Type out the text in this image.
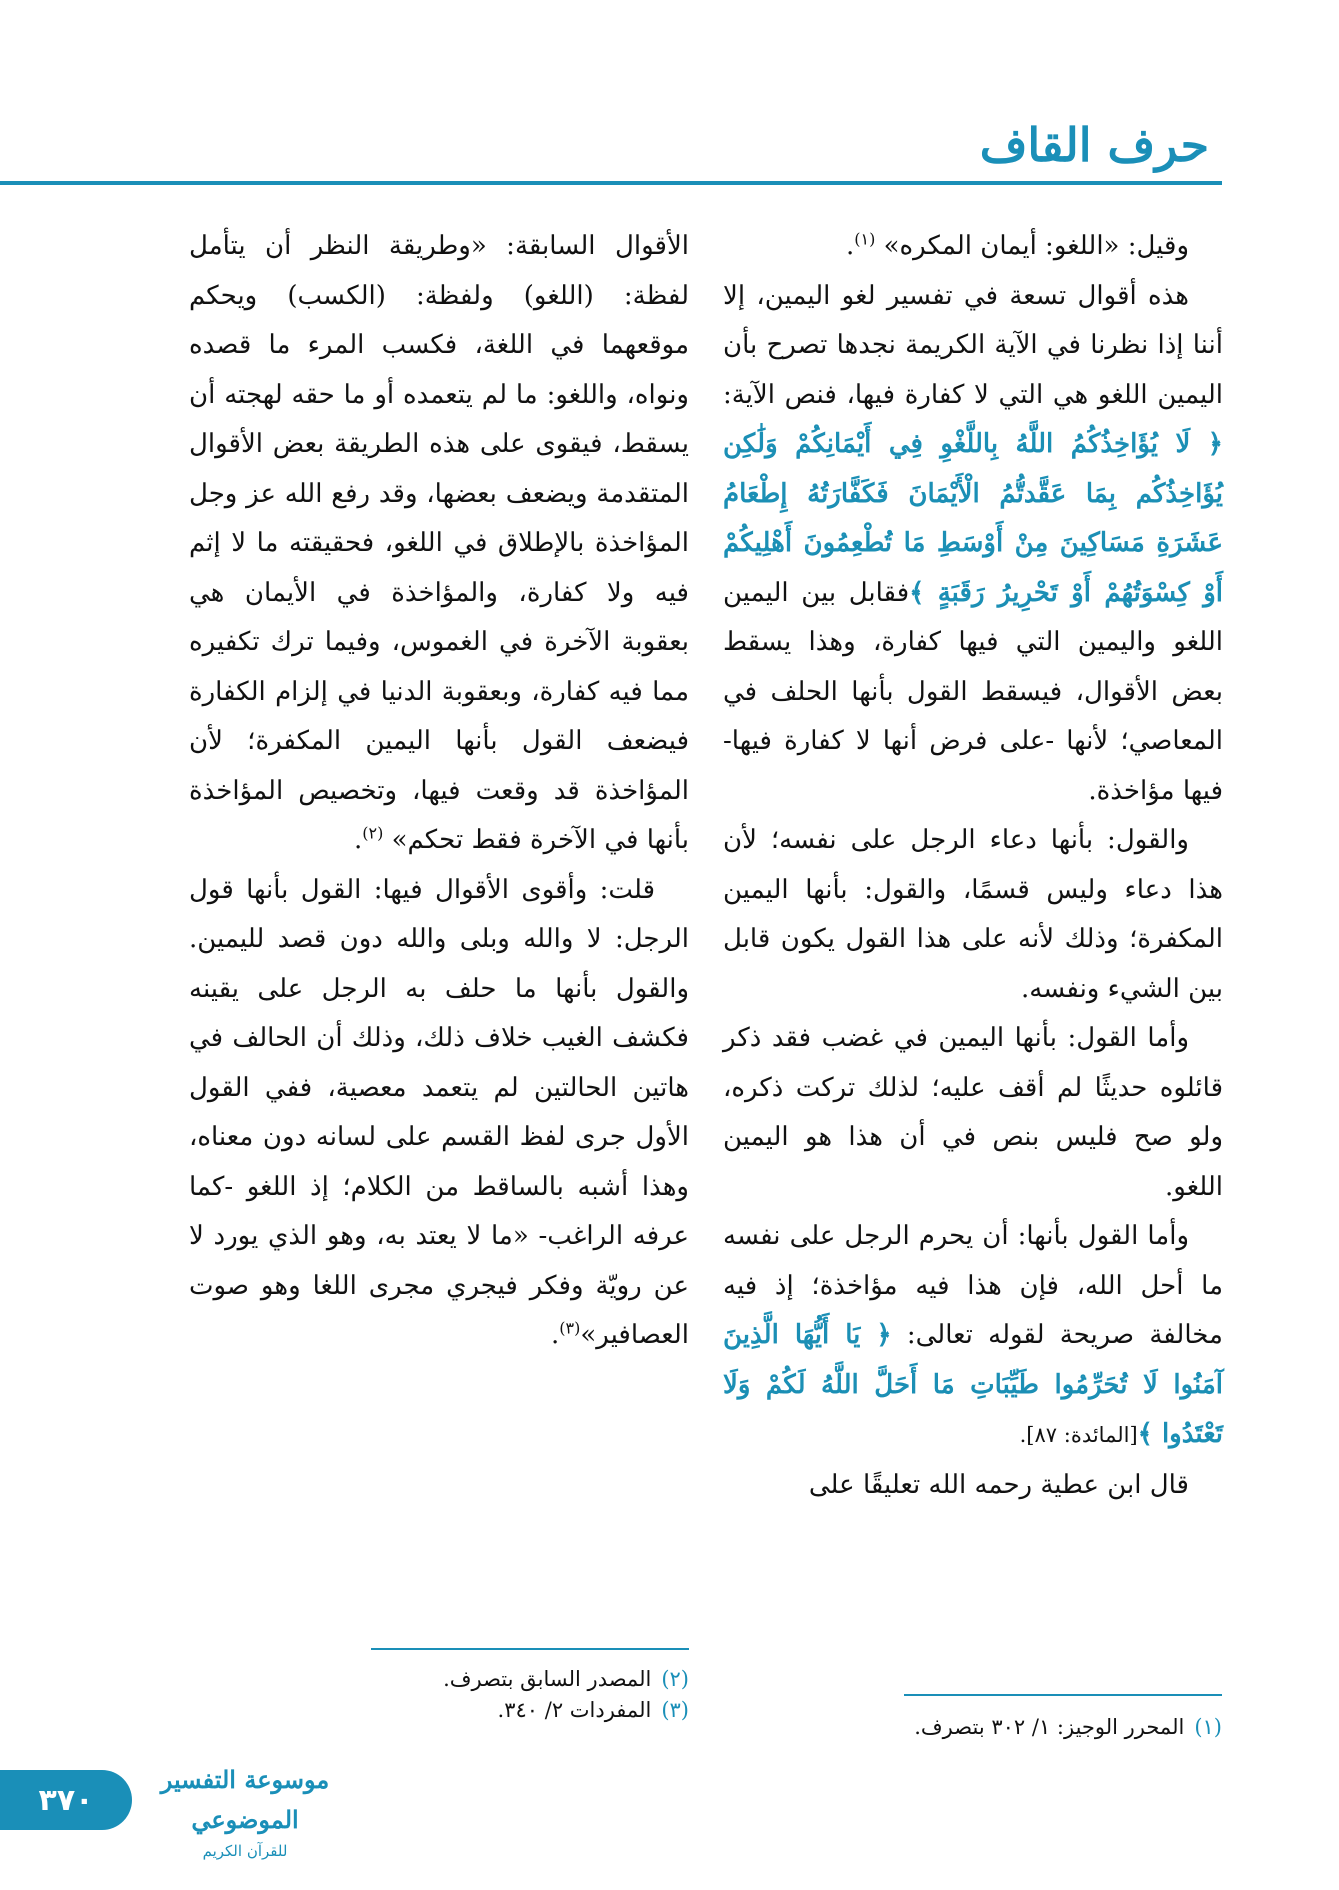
حرف القاف

وقيل: «اللغو: أيمان المكره» $^{(١)}$.

هذه أقوال تسعة في تفسير لغو اليمين، إلا أننا إذا نظرنا في الآية الكريمة نجدها تصرح بأن اليمين اللغو هي التي لا كفارة فيها، فنص الآية: ﴿ لَا يُؤَاخِذُكُمُ اللَّهُ بِاللَّغْوِ فِي أَيْمَانِكُمْ وَلَٰكِن يُؤَاخِذُكُم بِمَا عَقَّدتُّمُ الْأَيْمَانَ فَكَفَّارَتُهُ إِطْعَامُ عَشَرَةِ مَسَاكِينَ مِنْ أَوْسَطِ مَا تُطْعِمُونَ أَهْلِيكُمْ أَوْ كِسْوَتُهُمْ أَوْ تَحْرِيرُ رَقَبَةٍ ﴾فقابل بين اليمين اللغو واليمين التي فيها كفارة، وهذا يسقط بعض الأقوال، فيسقط القول بأنها الحلف في المعاصي؛ لأنها -على فرض أنها لا كفارة فيها- فيها مؤاخذة.

والقول: بأنها دعاء الرجل على نفسه؛ لأن هذا دعاء وليس قسمًا، والقول: بأنها اليمين المكفرة؛ وذلك لأنه على هذا القول يكون قابل بين الشيء ونفسه.

وأما القول: بأنها اليمين في غضب فقد ذكر قائلوه حديثًا لم أقف عليه؛ لذلك تركت ذكره، ولو صح فليس بنص في أن هذا هو اليمين اللغو.

وأما القول بأنها: أن يحرم الرجل على نفسه ما أحل الله، فإن هذا فيه مؤاخذة؛ إذ فيه مخالفة صريحة لقوله تعالى: ﴿ يَا أَيُّهَا الَّذِينَ آمَنُوا لَا تُحَرِّمُوا طَيِّبَاتِ مَا أَحَلَّ اللَّهُ لَكُمْ وَلَا تَعْتَدُوا ﴾[المائدة: ٨٧].

قال ابن عطية رحمه الله تعليقًا على

الأقوال السابقة: «وطريقة النظر أن يتأمل لفظة: (اللغو) ولفظة: (الكسب) ويحكم موقعهما في اللغة، فكسب المرء ما قصده ونواه، واللغو: ما لم يتعمده أو ما حقه لهجته أن يسقط، فيقوى على هذه الطريقة بعض الأقوال المتقدمة ويضعف بعضها، وقد رفع الله عز وجل المؤاخذة بالإطلاق في اللغو، فحقيقته ما لا إثم فيه ولا كفارة، والمؤاخذة في الأيمان هي بعقوبة الآخرة في الغموس، وفيما ترك تكفيره مما فيه كفارة، وبعقوبة الدنيا في إلزام الكفارة فيضعف القول بأنها اليمين المكفرة؛ لأن المؤاخذة قد وقعت فيها، وتخصيص المؤاخذة بأنها في الآخرة فقط تحكم» $^{(٢)}$.

قلت: وأقوى الأقوال فيها: القول بأنها قول الرجل: لا والله وبلى والله دون قصد لليمين. والقول بأنها ما حلف به الرجل على يقينه فكشف الغيب خلاف ذلك، وذلك أن الحالف في هاتين الحالتين لم يتعمد معصية، ففي القول الأول جرى لفظ القسم على لسانه دون معناه، وهذا أشبه بالساقط من الكلام؛ إذ اللغو -كما عرفه الراغب- «ما لا يعتد به، وهو الذي يورد لا عن رويّة وفكر فيجري مجرى اللغا وهو صوت العصافير»$^{(٣)}$.

(٢)المصدر السابق بتصرف.
(٣)المفردات ٢/ ٣٤٠.
(١)المحرر الوجيز: ١/ ٣٠٢ بتصرف.
٣٧٠
موسوعة التفسير الموضوعي
للقرآن الكريم
